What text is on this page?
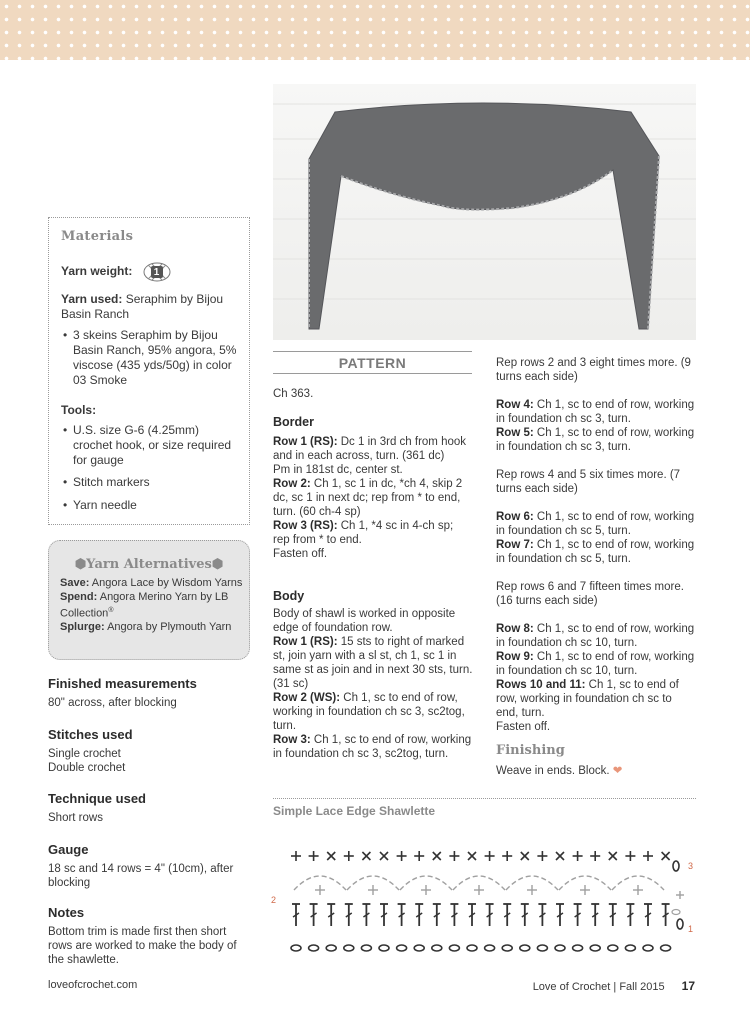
Materials
Yarn weight: 1
Yarn used: Seraphim by Bijou Basin Ranch
• 3 skeins Seraphim by Bijou Basin Ranch, 95% angora, 5% viscose (435 yds/50g) in color 03 Smoke
Tools:
• U.S. size G-6 (4.25mm) crochet hook, or size required for gauge
• Stitch markers
• Yarn needle
⬢Yarn Alternatives⬢
Save: Angora Lace by Wisdom Yarns
Spend: Angora Merino Yarn by LB Collection®
Splurge: Angora by Plymouth Yarn
Finished measurements
80" across, after blocking
Stitches used
Single crochet
Double crochet
Technique used
Short rows
Gauge
18 sc and 14 rows = 4" (10cm), after blocking
Notes
Bottom trim is made first then short rows are worked to make the body of the shawlette.
PATTERN
Ch 363.
Border
Row 1 (RS): Dc 1 in 3rd ch from hook and in each across, turn. (361 dc)
Pm in 181st dc, center st.
Row 2: Ch 1, sc 1 in dc, *ch 4, skip 2 dc, sc 1 in next dc; rep from * to end, turn. (60 ch-4 sp)
Row 3 (RS): Ch 1, *4 sc in 4-ch sp; rep from * to end.
Fasten off.
Body
Body of shawl is worked in opposite edge of foundation row.
Row 1 (RS): 15 sts to right of marked st, join yarn with a sl st, ch 1, sc 1 in same st as join and in next 30 sts, turn. (31 sc)
Row 2 (WS): Ch 1, sc to end of row, working in foundation ch sc 3, sc2tog, turn.
Row 3: Ch 1, sc to end of row, working in foundation ch sc 3, sc2tog, turn.
Rep rows 2 and 3 eight times more. (9 turns each side)
Row 4: Ch 1, sc to end of row, working in foundation ch sc 3, turn.
Row 5: Ch 1, sc to end of row, working in foundation ch sc 3, turn.
Rep rows 4 and 5 six times more. (7 turns each side)
Row 6: Ch 1, sc to end of row, working in foundation ch sc 5, turn.
Row 7: Ch 1, sc to end of row, working in foundation ch sc 5, turn.
Rep rows 6 and 7 fifteen times more. (16 turns each side)
Row 8: Ch 1, sc to end of row, working in foundation ch sc 10, turn.
Row 9: Ch 1, sc to end of row, working in foundation ch sc 10, turn.
Rows 10 and 11: Ch 1, sc to end of row, working in foundation ch sc to end, turn.
Fasten off.
Finishing
Weave in ends. Block. ❤
Simple Lace Edge Shawlette
3
2
1
loveofcrochet.com	Love of Crochet | Fall 2015 17
